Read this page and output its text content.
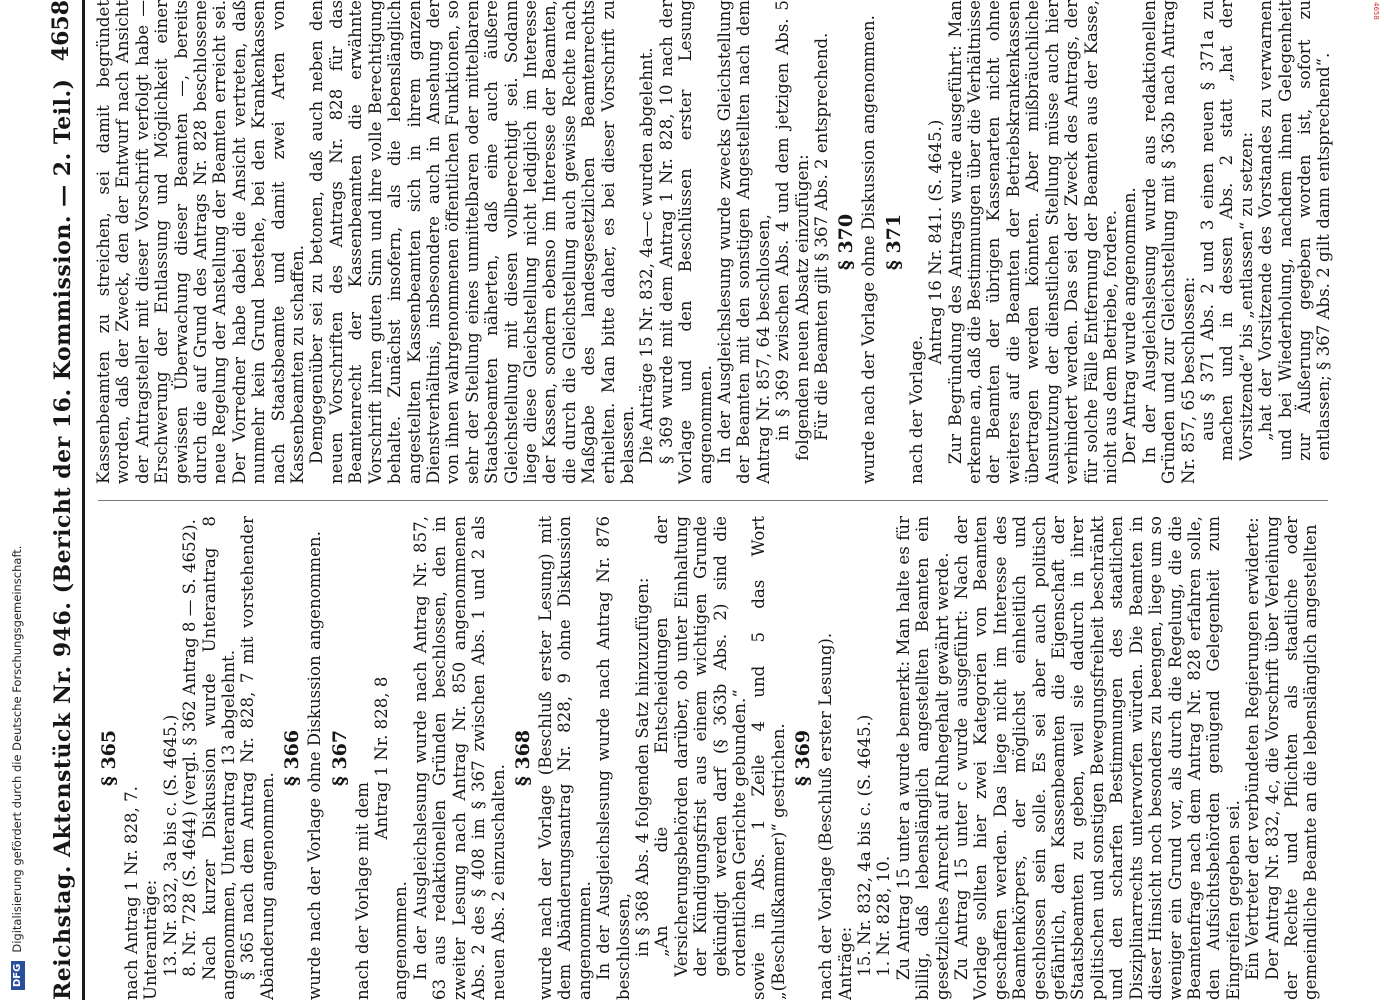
DFGDigitalisierung gefördert durch die Deutsche Forschungsgemeinschaft.
4658
Reichstag. Aktenstück Nr. 946. (Bericht der 16. Kommission. — 2. Teil.)
4658
§ 365

nach Antrag 1 Nr. 828, 7. Unteranträge: 13. Nr. 832, 3a bis c. (S. 4645.) 8. Nr. 728 (S. 4644) (vergl. § 362 Antrag 8 — S. 4652). Nach kurzer Diskussion wurde Unterantrag 8 angenommen, Unterantrag 13 abgelehnt. § 365 nach dem Antrag Nr. 828, 7 mit vorstehender Abänderung angenommen.

§ 366 wurde nach der Vorlage ohne Diskussion angenommen. § 367

nach der Vorlage mit dem

Antrag 1 Nr. 828, 8

angenommen. In der Ausgleichslesung wurde nach Antrag Nr. 857, 63 aus redaktionellen Gründen beschlossen, den in zweiter Lesung nach Antrag Nr. 850 angenommenen Abs. 2 des § 408 im § 367 zwischen Abs. 1 und 2 als neuen Abs. 2 einzuschalten.

§ 368 wurde nach der Vorlage (Beschluß erster Lesung) mit dem Abänderungsantrag Nr. 828, 9 ohne Diskussion angenommen. In der Ausgleichslesung wurde nach Antrag Nr. 876 beschlossen, in § 368 Abs. 4 folgenden Satz hinzuzufügen: „An die Entscheidungen der Versicherungsbehörden darüber, ob unter Einhaltung der Kündigungsfrist aus einem wichtigen Grunde gekündigt werden darf (§ 363b Abs. 2) sind die ordentlichen Gerichte gebunden.“ sowie in Abs. 1 Zeile 4 und 5 das Wort „(Beschlußkammer)“ gestrichen. § 369 nach der Vorlage (Beschluß erster Lesung). Anträge: 15. Nr. 832, 4a bis c. (S. 4645.) 1. Nr. 828, 10. Zu Antrag 15 unter a wurde bemerkt: Man halte es für billig, daß lebenslänglich angestellten Beamten ein gesetzliches Anrecht auf Ruhegehalt gewährt werde. Zu Antrag 15 unter c wurde ausgeführt: Nach der Vorlage sollten hier zwei Kategorien von Beamten geschaffen werden. Das liege nicht im Interesse des Beamtenkörpers, der möglichst einheitlich und geschlossen sein solle. Es sei aber auch politisch gefährlich, den Kassenbeamten die Eigenschaft der Staatsbeamten zu geben, weil sie dadurch in ihrer politischen und sonstigen Bewegungsfreiheit beschränkt und den scharfen Bestimmungen des staatlichen Disziplinarrechts unterworfen würden. Die Beamten in dieser Hinsicht noch besonders zu beengen, liege um so weniger ein Grund vor, als durch die Regelung, die die Beamtenfrage nach dem Antrag Nr. 828 erfahren solle, den Aufsichtsbehörden genügend Gelegenheit zum Eingreifen gegeben sei. Ein Vertreter der verbündeten Regierungen erwiderte: Der Antrag Nr. 832, 4c, die Vorschrift über Verleihung der Rechte und Pflichten als staatliche oder gemeindliche Beamte an die lebenslänglich angestellten

Kassenbeamten zu streichen, sei damit begründet worden, daß der Zweck, den der Entwurf nach Ansicht der Antragsteller mit dieser Vorschrift verfolgt habe — Erschwerung der Entlassung und Möglichkeit einer gewissen Überwachung dieser Beamten —, bereits durch die auf Grund des Antrags Nr. 828 beschlossene neue Regelung der Anstellung der Beamten erreicht sei. Der Vorredner habe dabei die Ansicht vertreten, daß nunmehr kein Grund bestehe, bei den Krankenkassen nach Staatsbeamte und damit zwei Arten von Kassenbeamten zu schaffen. Demgegenüber sei zu betonen, daß auch neben den neuen Vorschriften des Antrags Nr. 828 für das Beamtenrecht der Kassenbeamten die erwähnte Vorschrift ihren guten Sinn und ihre volle Berechtigung behalte. Zunächst insofern, als die lebenslänglich angestellten Kassenbeamten sich in ihrem ganzen Dienstverhältnis, insbesondere auch in Ansehung der von ihnen wahrgenommenen öffentlichen Funktionen, so sehr der Stellung eines unmittelbaren oder mittelbaren Staatsbeamten näherten, daß eine auch äußere Gleichstellung mit diesen vollberechtigt sei. Sodann liege diese Gleichstellung nicht lediglich im Interesse der Kassen, sondern ebenso im Interesse der Beamten, die durch die Gleichstellung auch gewisse Rechte nach Maßgabe des landesgesetzlichen Beamtenrechts erhielten. Man bitte daher, es bei dieser Vorschrift zu belassen. Die Anträge 15 Nr. 832, 4a—c wurden abgelehnt. § 369 wurde mit dem Antrag 1 Nr. 828, 10 nach der Vorlage und den Beschlüssen erster Lesung angenommen. In der Ausgleichslesung wurde zwecks Gleichstellung der Beamten mit den sonstigen Angestellten nach dem Antrag Nr. 857, 64 beschlossen, in § 369 zwischen Abs. 4 und dem jetzigen Abs. 5 folgenden neuen Absatz einzufügen: Für die Beamten gilt § 367 Abs. 2 entsprechend. § 370 wurde nach der Vorlage ohne Diskussion angenommen. § 371

nach der Vorlage.

Antrag 16 Nr. 841. (S. 4645.) Zur Begründung des Antrags wurde ausgeführt: Man erkenne an, daß die Bestimmungen über die Verhältnisse der Beamten der übrigen Kassenarten nicht ohne weiteres auf die Beamten der Betriebskrankenkassen übertragen werden könnten. Aber mißbräuchliche Ausnutzung der dienstlichen Stellung müsse auch hier verhindert werden. Das sei der Zweck des Antrags, der für solche Fälle Entfernung der Beamten aus der Kasse, nicht aus dem Betriebe, fordere. Der Antrag wurde angenommen. In der Ausgleichslesung wurde aus redaktionellen Gründen und zur Gleichstellung mit § 363b nach Antrag Nr. 857, 65 beschlossen: aus § 371 Abs. 2 und 3 einen neuen § 371a zu machen und in dessen Abs. 2 statt „hat der Vorsitzende“ bis „entlassen“ zu setzen: „hat der Vorsitzende des Vorstandes zu verwarnen und bei Wiederholung, nachdem ihnen Gelegenheit zur Äußerung gegeben worden ist, sofort zu entlassen; § 367 Abs. 2 gilt dann entsprechend“.
